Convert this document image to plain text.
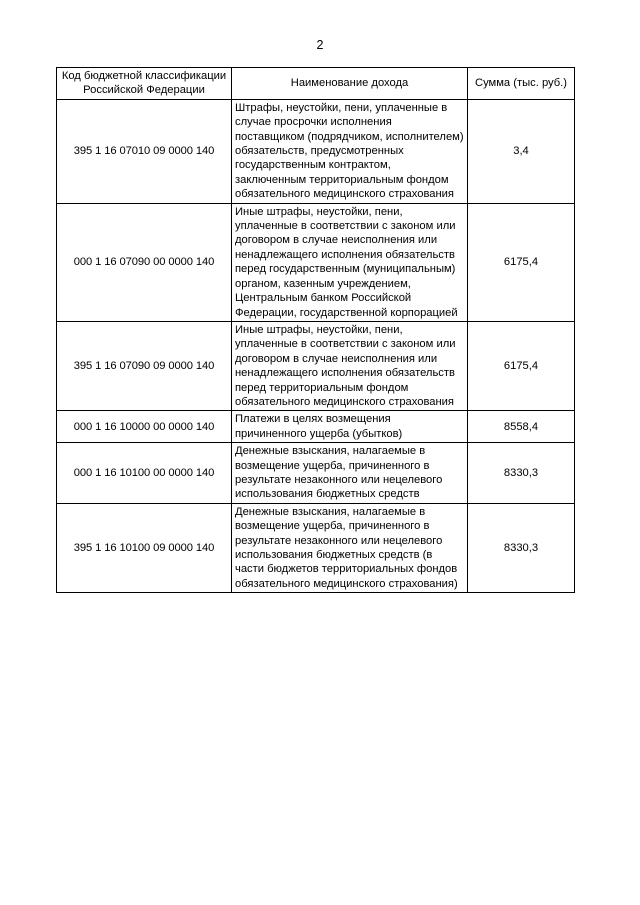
2
Код бюджетной классификации Российской Федерации	Наименование дохода	Сумма (тыс. руб.)
395 1 16 07010 09 0000 140	Штрафы, неустойки, пени, уплаченные в случае просрочки исполнения поставщиком (подрядчиком, исполнителем) обязательств, предусмотренных государственным контрактом, заключенным территориальным фондом обязательного медицинского страхования	3,4
000 1 16 07090 00 0000 140	Иные штрафы, неустойки, пени, уплаченные в соответствии с законом или договором в случае неисполнения или ненадлежащего исполнения обязательств перед государственным (муниципальным) органом, казенным учреждением, Центральным банком Российской Федерации, государственной корпорацией	6175,4
395 1 16 07090 09 0000 140	Иные штрафы, неустойки, пени, уплаченные в соответствии с законом или договором в случае неисполнения или ненадлежащего исполнения обязательств перед территориальным фондом обязательного медицинского страхования	6175,4
000 1 16 10000 00 0000 140	Платежи в целях возмещения причиненного ущерба (убытков)	8558,4
000 1 16 10100 00 0000 140	Денежные взыскания, налагаемые в возмещение ущерба, причиненного в результате незаконного или нецелевого использования бюджетных средств	8330,3
395 1 16 10100 09 0000 140	Денежные взыскания, налагаемые в возмещение ущерба, причиненного в результате незаконного или нецелевого использования бюджетных средств (в части бюджетов территориальных фондов обязательного медицинского страхования)	8330,3
